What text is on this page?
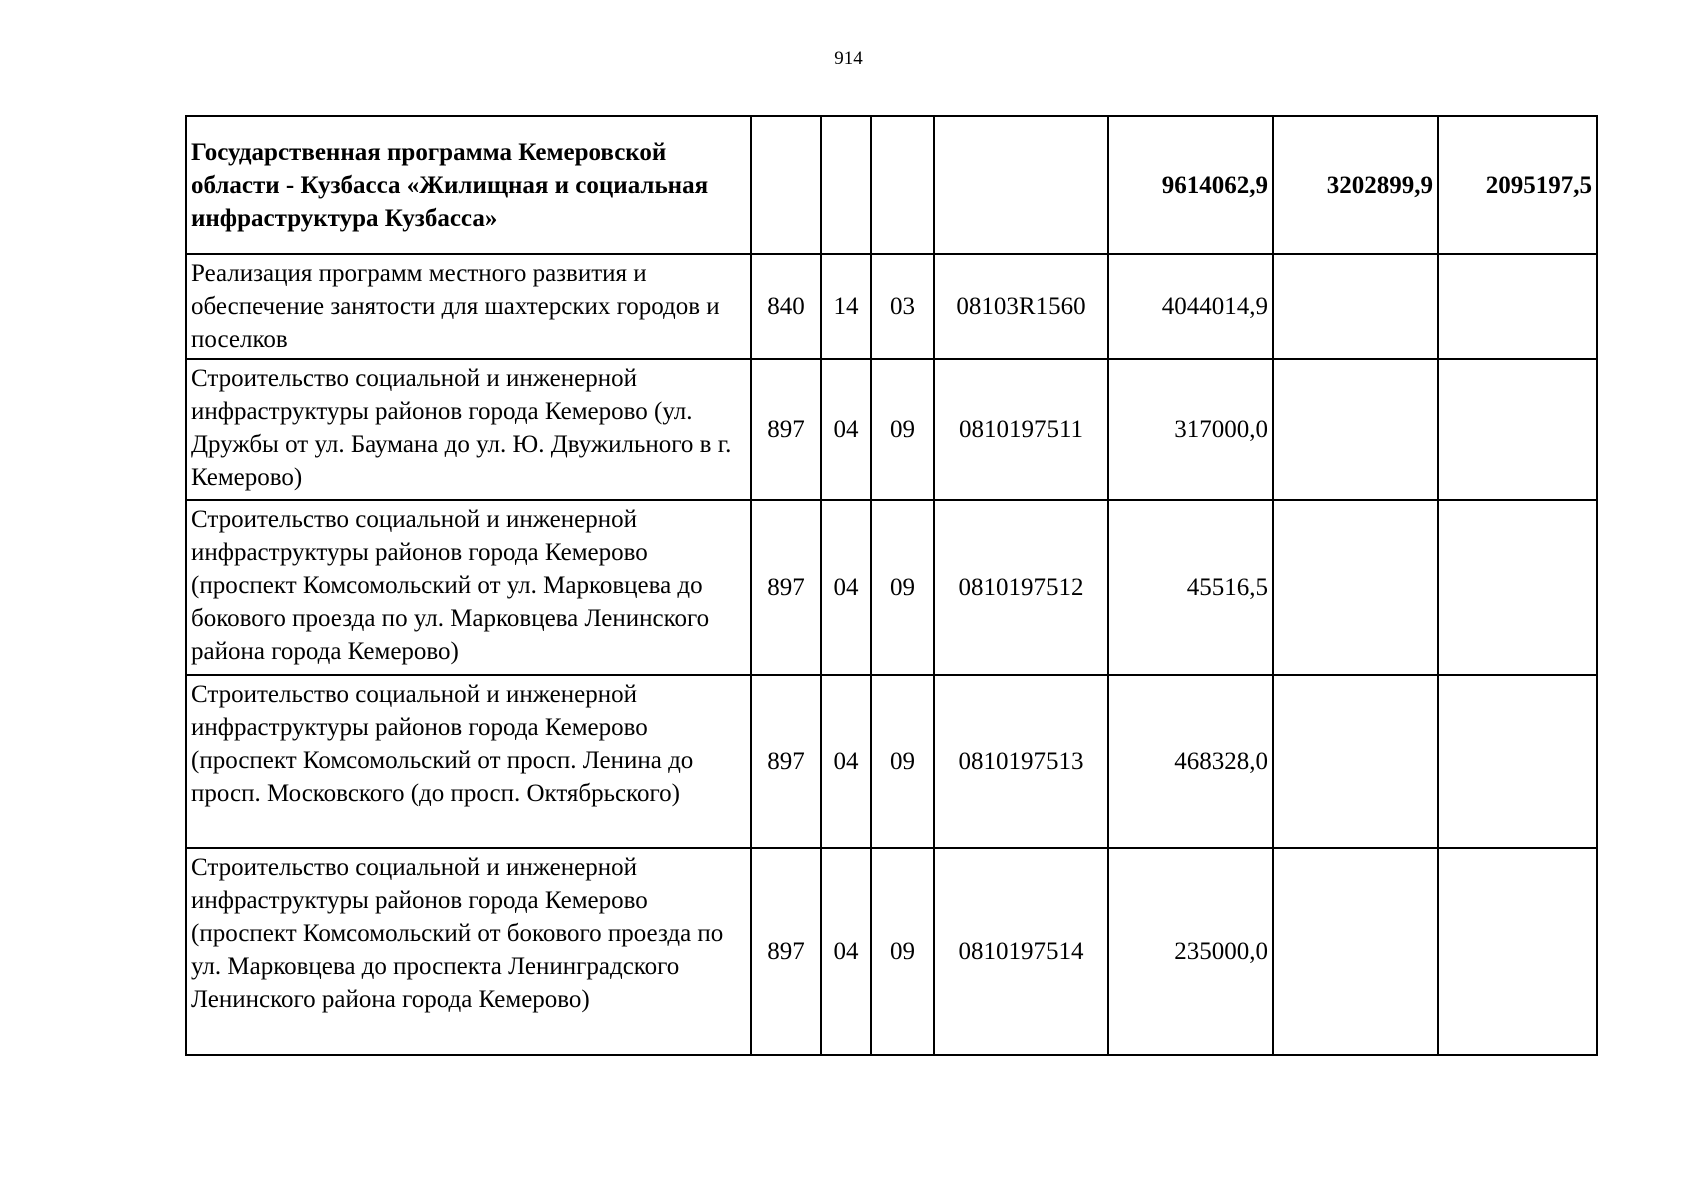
914
Государственная программа Кемеровской области - Кузбасса «Жилищная и социальная инфраструктура Кузбасса»					9614062,9	3202899,9	2095197,5
Реализация программ местного развития и обеспечение занятости для шахтерских городов и поселков	840	14	03	08103R1560	4044014,9		
Строительство социальной и инженерной инфраструктуры районов города Кемерово (ул. Дружбы от ул. Баумана до ул. Ю. Двужильного в г. Кемерово)	897	04	09	0810197511	317000,0		
Строительство социальной и инженерной инфраструктуры районов города Кемерово (проспект Комсомольский от ул. Марковцева до бокового проезда по ул. Марковцева Ленинского района города Кемерово)	897	04	09	0810197512	45516,5		
Строительство социальной и инженерной инфраструктуры районов города Кемерово (проспект Комсомольский от просп. Ленина до просп. Московского (до просп. Октябрьского)	897	04	09	0810197513	468328,0		
Строительство социальной и инженерной инфраструктуры районов города Кемерово (проспект Комсомольский от бокового проезда по ул. Марковцева до проспекта Ленинградского Ленинского района города Кемерово)	897	04	09	0810197514	235000,0		
